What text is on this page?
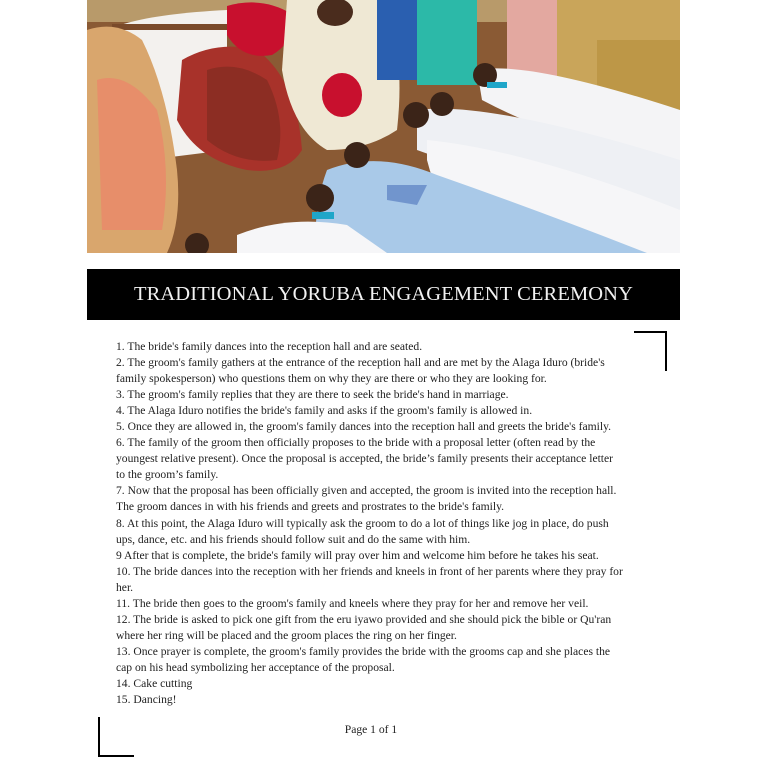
TRADITIONAL YORUBA ENGAGEMENT CEREMONY
1. The bride's family dances into the reception hall and are seated.
2. The groom's family gathers at the entrance of the reception hall and are met by the Alaga Iduro (bride's
family spokesperson) who questions them on why they are there or who they are looking for.
3. The groom's family replies that they are there to seek the bride's hand in marriage.
4. The Alaga Iduro notifies the bride's family and asks if the groom's family is allowed in.
5. Once they are allowed in, the groom's family dances into the reception hall and greets the bride's family.
6. The family of the groom then officially proposes to the bride with a proposal letter (often read by the
youngest relative present). Once the proposal is accepted, the bride’s family presents their acceptance letter
to the groom’s family.
7. Now that the proposal has been officially given and accepted, the groom is invited into the reception hall.
The groom dances in with his friends and greets and prostrates to the bride's family.
8. At this point, the Alaga Iduro will typically ask the groom to do a lot of things like jog in place, do push
ups, dance, etc. and his friends should follow suit and do the same with him.
9 After that is complete, the bride's family will pray over him and welcome him before he takes his seat.
10. The bride dances into the reception with her friends and kneels in front of her parents where they pray for
her.
11. The bride then goes to the groom's family and kneels where they pray for her and remove her veil.
12. The bride is asked to pick one gift from the eru iyawo provided and she should pick the bible or Qu'ran
where her ring will be placed and the groom places the ring on her finger.
13. Once prayer is complete, the groom's family provides the bride with the grooms cap and she places the
cap on his head symbolizing her acceptance of the proposal.
14. Cake cutting
15. Dancing!
Page 1 of 1
